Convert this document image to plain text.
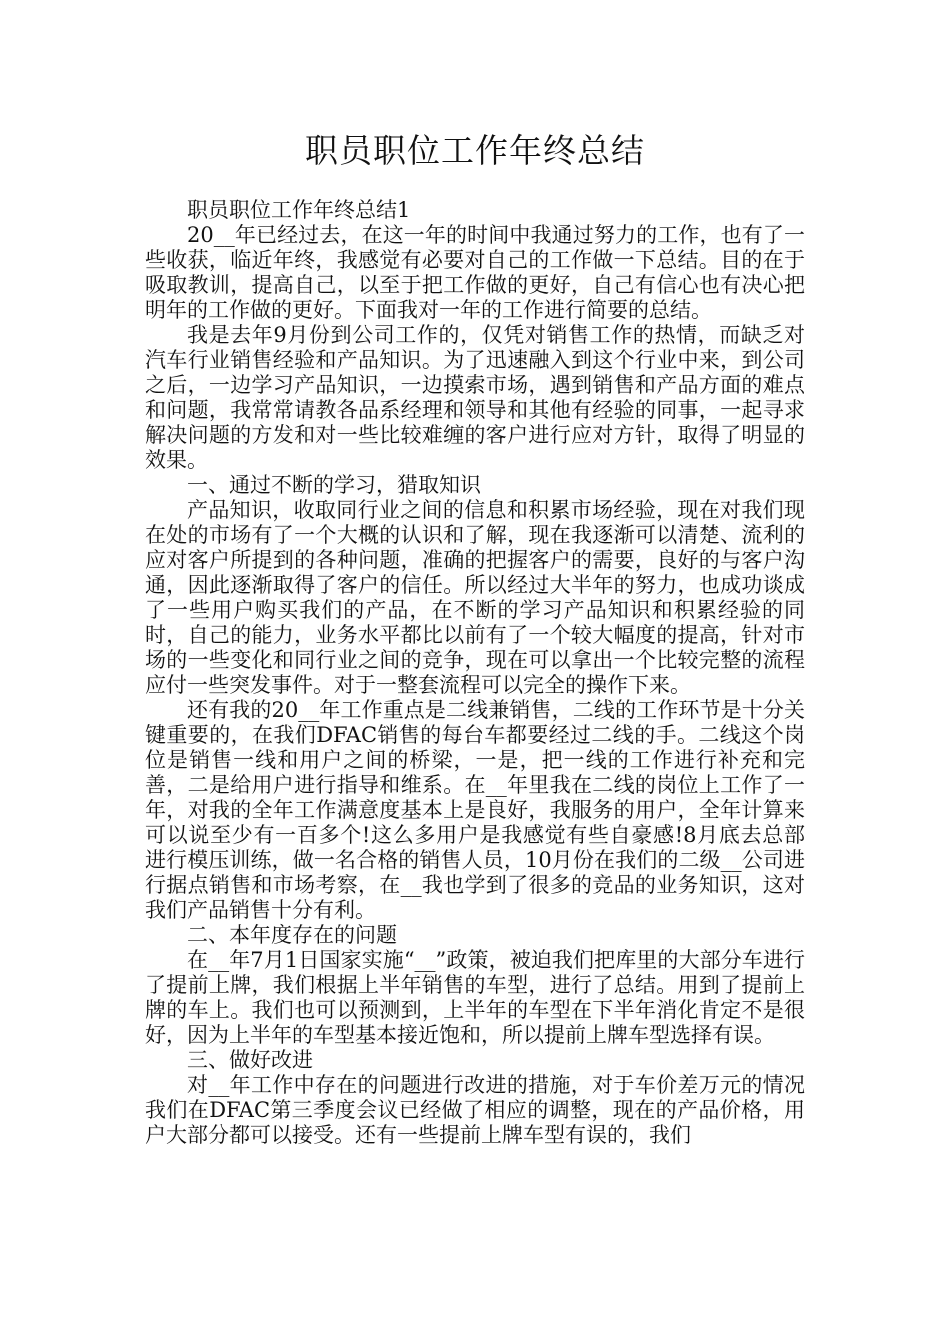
职员职位工作年终总结

职员职位工作年终总结1

20__年已经过去，在这一年的时间中我通过努力的工作，也有了一些收获，临近年终，我感觉有必要对自己的工作做一下总结。目的在于吸取教训，提高自己，以至于把工作做的更好，自己有信心也有决心把明年的工作做的更好。下面我对一年的工作进行简要的总结。

我是去年9月份到公司工作的，仅凭对销售工作的热情，而缺乏对汽车行业销售经验和产品知识。为了迅速融入到这个行业中来，到公司之后，一边学习产品知识，一边摸索市场，遇到销售和产品方面的难点和问题，我常常请教各品系经理和领导和其他有经验的同事，一起寻求解决问题的方发和对一些比较难缠的客户进行应对方针，取得了明显的效果。

一、通过不断的学习，猎取知识

产品知识，收取同行业之间的信息和积累市场经验，现在对我们现在处的市场有了一个大概的认识和了解，现在我逐渐可以清楚、流利的应对客户所提到的各种问题，准确的把握客户的需要，良好的与客户沟通，因此逐渐取得了客户的信任。所以经过大半年的努力，也成功谈成了一些用户购买我们的产品，在不断的学习产品知识和积累经验的同时，自己的能力，业务水平都比以前有了一个较大幅度的提高，针对市场的一些变化和同行业之间的竞争，现在可以拿出一个比较完整的流程应付一些突发事件。对于一整套流程可以完全的操作下来。

还有我的20__年工作重点是二线兼销售，二线的工作环节是十分关键重要的，在我们DFAC销售的每台车都要经过二线的手。二线这个岗位是销售一线和用户之间的桥梁，一是，把一线的工作进行补充和完善，二是给用户进行指导和维系。在__年里我在二线的岗位上工作了一年，对我的全年工作满意度基本上是良好，我服务的用户，全年计算来可以说至少有一百多个!这么多用户是我感觉有些自豪感!8月底去总部进行模压训练，做一名合格的销售人员，10月份在我们的二级__公司进行据点销售和市场考察，在__我也学到了很多的竞品的业务知识，这对我们产品销售十分有利。

二、本年度存在的问题

在__年7月1日国家实施“__”政策，被迫我们把库里的大部分车进行了提前上牌，我们根据上半年销售的车型，进行了总结。用到了提前上牌的车上。我们也可以预测到，上半年的车型在下半年消化肯定不是很好，因为上半年的车型基本接近饱和，所以提前上牌车型选择有误。

三、做好改进

对__年工作中存在的问题进行改进的措施，对于车价差万元的情况我们在DFAC第三季度会议已经做了相应的调整，现在的产品价格，用户大部分都可以接受。还有一些提前上牌车型有误的，我们
